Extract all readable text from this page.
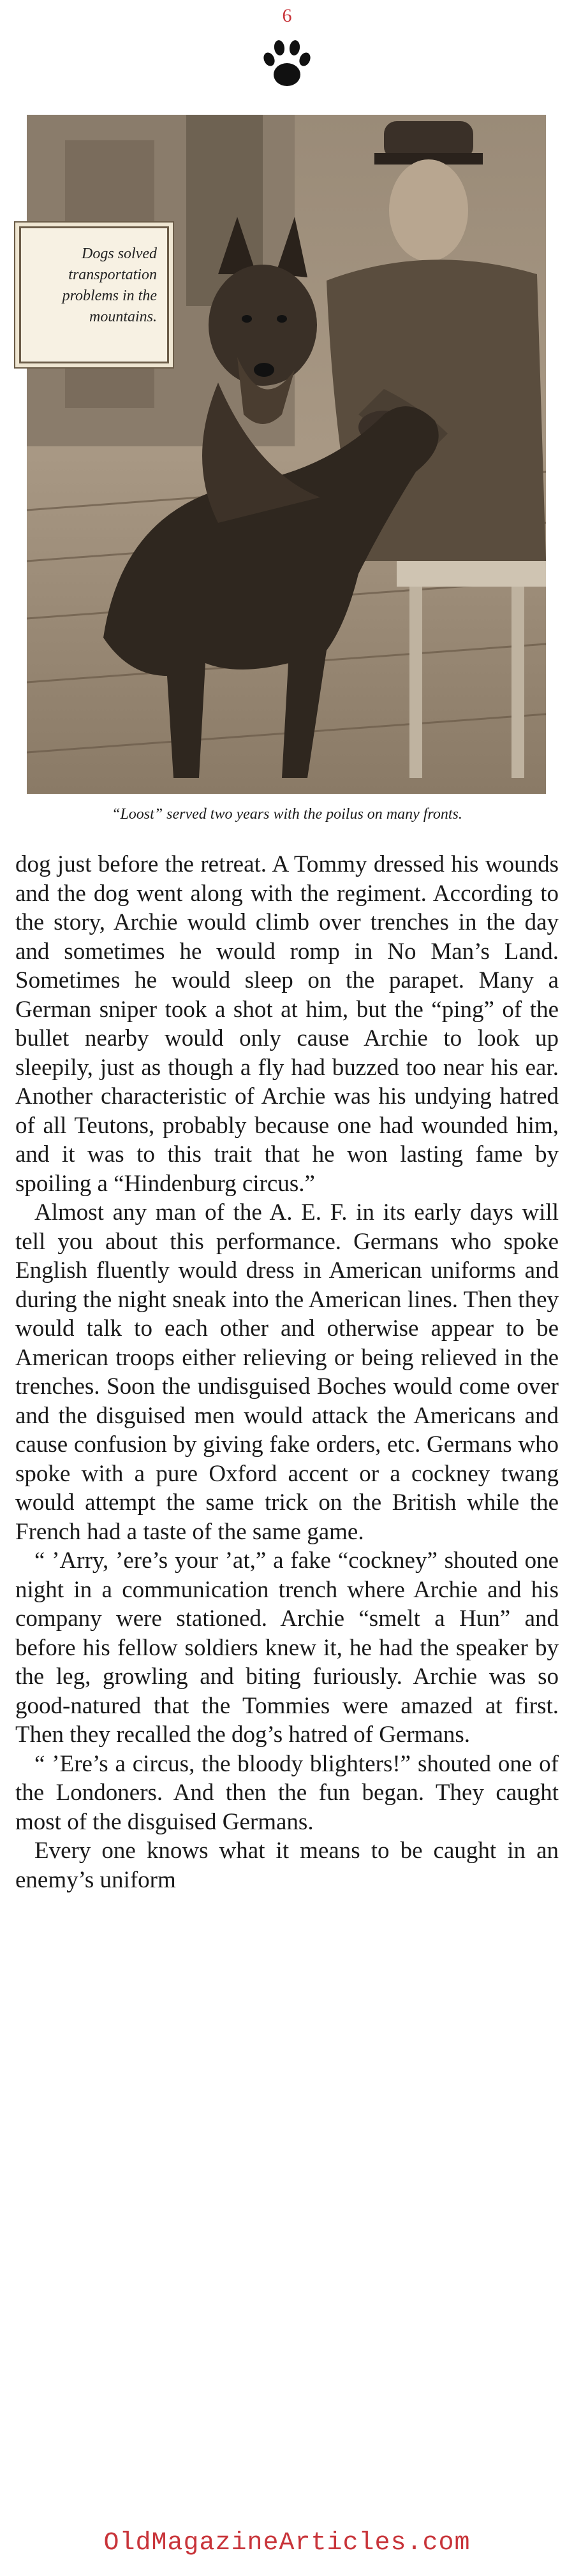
6
Dogs solved transportation problems in the mountains.
“Loost” served two years with the poilus on many fronts.

dog just before the retreat. A Tommy dressed his wounds and the dog went along with the regiment. According to the story, Archie would climb over trenches in the day and sometimes he would romp in No Man’s Land. Sometimes he would sleep on the parapet. Many a German sniper took a shot at him, but the “ping” of the bullet nearby would only cause Archie to look up sleepily, just as though a fly had buzzed too near his ear. Another characteristic of Archie was his undying hatred of all Teutons, probably because one had wounded him, and it was to this trait that he won lasting fame by spoiling a “Hindenburg circus.”

Almost any man of the A. E. F. in its early days will tell you about this performance. Germans who spoke English fluently would dress in American uniforms and during the night sneak into the American lines. Then they would talk to each other and otherwise appear to be American troops either relieving or being relieved in the trenches. Soon the undisguised Boches would come over and the disguised men would attack the Americans and cause confusion by giving fake orders, etc. Germans who spoke with a pure Oxford accent or a cockney twang would attempt the same trick on the British while the French had a taste of the same game.

“ ’Arry, ’ere’s your ’at,” a fake “cockney” shouted one night in a communication trench where Archie and his company were stationed. Archie “smelt a Hun” and before his fellow soldiers knew it, he had the speaker by the leg, growling and biting furiously. Archie was so good-natured that the Tommies were amazed at first. Then they recalled the dog’s hatred of Germans.

“ ’Ere’s a circus, the bloody blighters!” shouted one of the Londoners. And then the fun began. They caught most of the disguised Germans.

Every one knows what it means to be caught in an enemy’s uniform

OldMagazineArticles.com
